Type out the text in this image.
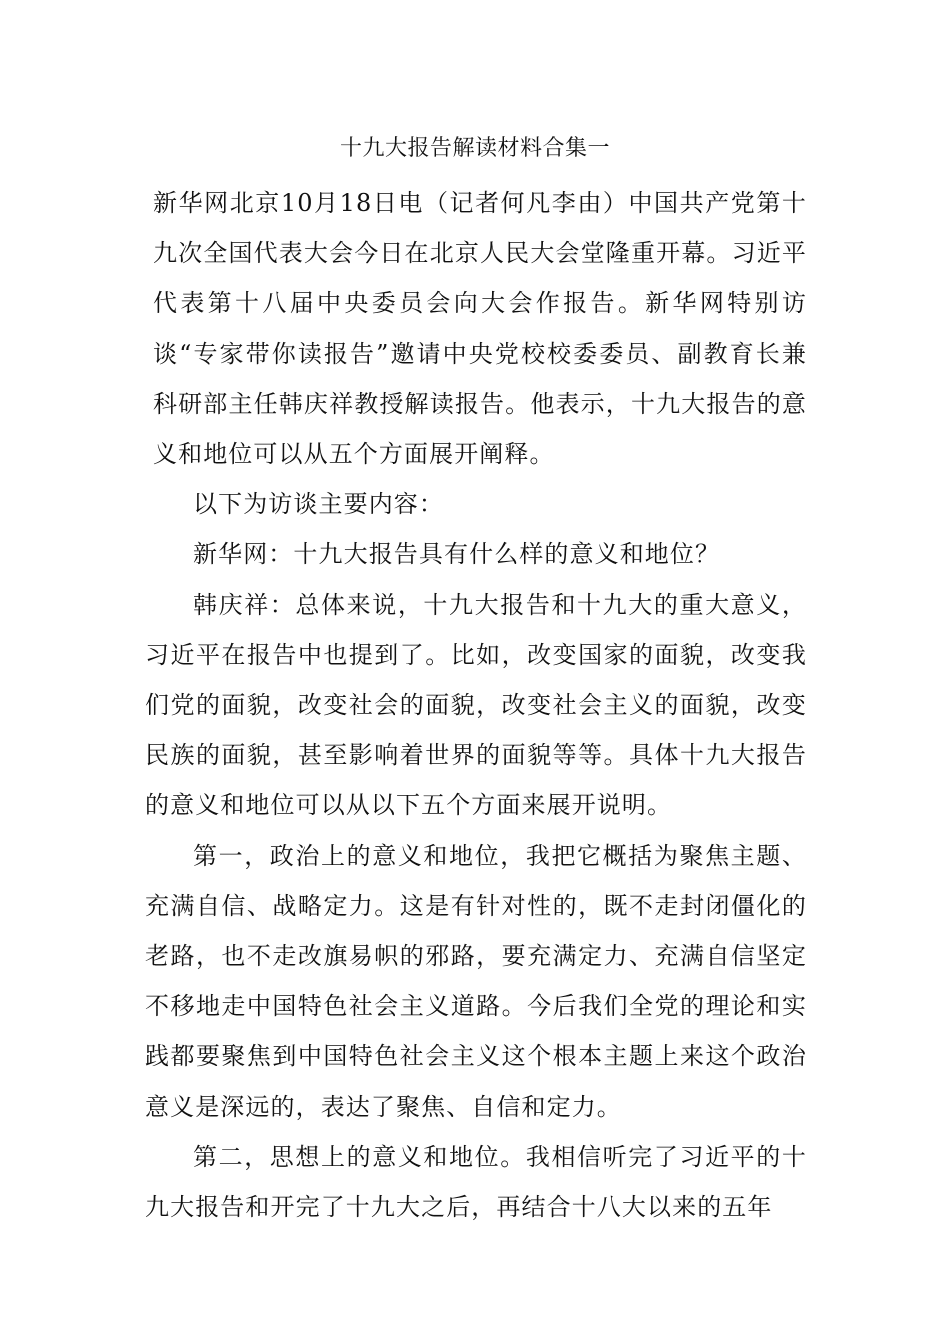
十九大报告解读材料合集一

新华网北京10月18日电（记者何凡李由）中国共产党第十九次全国代表大会今日在北京人民大会堂隆重开幕。习近平代表第十八届中央委员会向大会作报告。新华网特别访谈“专家带你读报告”邀请中央党校校委委员、副教育长兼科研部主任韩庆祥教授解读报告。他表示，十九大报告的意义和地位可以从五个方面展开阐释。

以下为访谈主要内容：

新华网：十九大报告具有什么样的意义和地位？

韩庆祥：总体来说，十九大报告和十九大的重大意义，习近平在报告中也提到了。比如，改变国家的面貌，改变我们党的面貌，改变社会的面貌，改变社会主义的面貌，改变民族的面貌，甚至影响着世界的面貌等等。具体十九大报告的意义和地位可以从以下五个方面来展开说明。

第一，政治上的意义和地位，我把它概括为聚焦主题、充满自信、战略定力。这是有针对性的，既不走封闭僵化的老路，也不走改旗易帜的邪路，要充满定力、充满自信坚定不移地走中国特色社会主义道路。今后我们全党的理论和实践都要聚焦到中国特色社会主义这个根本主题上来这个政治意义是深远的，表达了聚焦、自信和定力。

第二，思想上的意义和地位。我相信听完了习近平的十九大报告和开完了十九大之后，再结合十八大以来的五年
